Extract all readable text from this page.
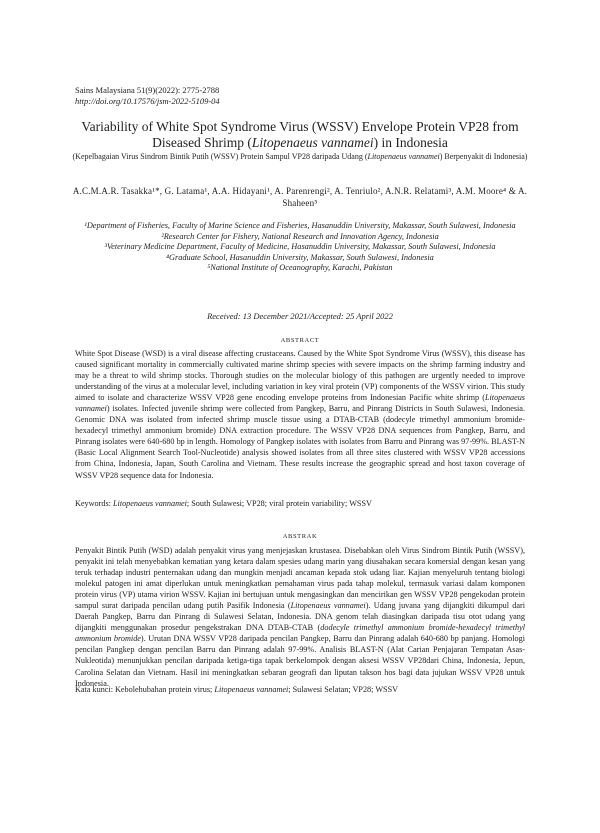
Sains Malaysiana 51(9)(2022): 2775-2788
http://doi.org/10.17576/jsm-2022-5109-04
Variability of White Spot Syndrome Virus (WSSV) Envelope Protein VP28 from Diseased Shrimp (Litopenaeus vannamei) in Indonesia
(Kepelbagaian Virus Sindrom Bintik Putih (WSSV) Protein Sampul VP28 daripada Udang (Litopenaeus vannamei) Berpenyakit di Indonesia)
A.C.M.A.R. Tasakka¹*, G. Latama¹, A.A. Hidayani¹, A. Parenrengi², A. Tenriulo², A.N.R. Relatami³, A.M. Moore⁴ & A. Shaheen⁵
¹Department of Fisheries, Faculty of Marine Science and Fisheries, Hasanuddin University, Makassar, South Sulawesi, Indonesia
²Research Center for Fishery, National Research and Innovation Agency, Indonesia
³Veterinary Medicine Department, Faculty of Medicine, Hasanuddin University, Makassar, South Sulawesi, Indonesia
⁴Graduate School, Hasanuddin University, Makassar, South Sulawesi, Indonesia
⁵National Institute of Oceanography, Karachi, Pakistan
Received: 13 December 2021/Accepted: 25 April 2022
ABSTRACT
White Spot Disease (WSD) is a viral disease affecting crustaceans. Caused by the White Spot Syndrome Virus (WSSV), this disease has caused significant mortality in commercially cultivated marine shrimp species with severe impacts on the shrimp farming industry and may be a threat to wild shrimp stocks. Thorough studies on the molecular biology of this pathogen are urgently needed to improve understanding of the virus at a molecular level, including variation in key viral protein (VP) components of the WSSV virion. This study aimed to isolate and characterize WSSV VP28 gene encoding envelope proteins from Indonesian Pacific white shrimp (Litopenaeus vannamei) isolates. Infected juvenile shrimp were collected from Pangkep, Barru, and Pinrang Districts in South Sulawesi, Indonesia. Genomic DNA was isolated from infected shrimp muscle tissue using a DTAB-CTAB (dodecyle trimethyl ammonium bromide-hexadecyl trimethyl ammonium bromide) DNA extraction procedure. The WSSV VP28 DNA sequences from Pangkep, Barru, and Pinrang isolates were 640-680 bp in length. Homology of Pangkep isolates with isolates from Barru and Pinrang was 97-99%. BLAST-N (Basic Local Alignment Search Tool-Nucleotide) analysis showed isolates from all three sites clustered with WSSV VP28 accessions from China, Indonesia, Japan, South Carolina and Vietnam. These results increase the geographic spread and host taxon coverage of WSSV VP28 sequence data for Indonesia.
Keywords: Litopenaeus vannamei; South Sulawesi; VP28; viral protein variability; WSSV
ABSTRAK
Penyakit Bintik Putih (WSD) adalah penyakit virus yang menjejaskan krustasea. Disebabkan oleh Virus Sindrom Bintik Putih (WSSV), penyakit ini telah menyebabkan kematian yang ketara dalam spesies udang marin yang diusahakan secara komersial dengan kesan yang teruk terhadap industri penternakan udang dan mungkin menjadi ancaman kepada stok udang liar. Kajian menyeluruh tentang biologi molekul patogen ini amat diperlukan untuk meningkatkan pemahaman virus pada tahap molekul, termasuk variasi dalam komponen protein virus (VP) utama virion WSSV. Kajian ini bertujuan untuk mengasingkan dan mencirikan gen WSSV VP28 pengekodan protein sampul surat daripada pencilan udang putih Pasifik Indonesia (Litopenaeus vannamei). Udang juvana yang dijangkiti dikumpul dari Daerah Pangkep, Barru dan Pinrang di Sulawesi Selatan, Indonesia. DNA genom telah diasingkan daripada tisu otot udang yang dijangkiti menggunakan prosedur pengekstrakan DNA DTAB-CTAB (dodecyle trimethyl ammonium bromide-hexadecyl trimethyl ammonium bromide). Urutan DNA WSSV VP28 daripada pencilan Pangkep, Barru dan Pinrang adalah 640-680 bp panjang. Homologi pencilan Pangkep dengan pencilan Barru dan Pinrang adalah 97-99%. Analisis BLAST-N (Alat Carian Penjajaran Tempatan Asas-Nukleotida) menunjukkan pencilan daripada ketiga-tiga tapak berkelompok dengan aksesi WSSV VP28dari China, Indonesia, Jepun, Carolina Selatan dan Vietnam. Hasil ini meningkatkan sebaran geografi dan liputan takson hos bagi data jujukan WSSV VP28 untuk Indonesia.
Kata kunci: Kebolehubahan protein virus; Litopenaeus vannamei; Sulawesi Selatan; VP28; WSSV
